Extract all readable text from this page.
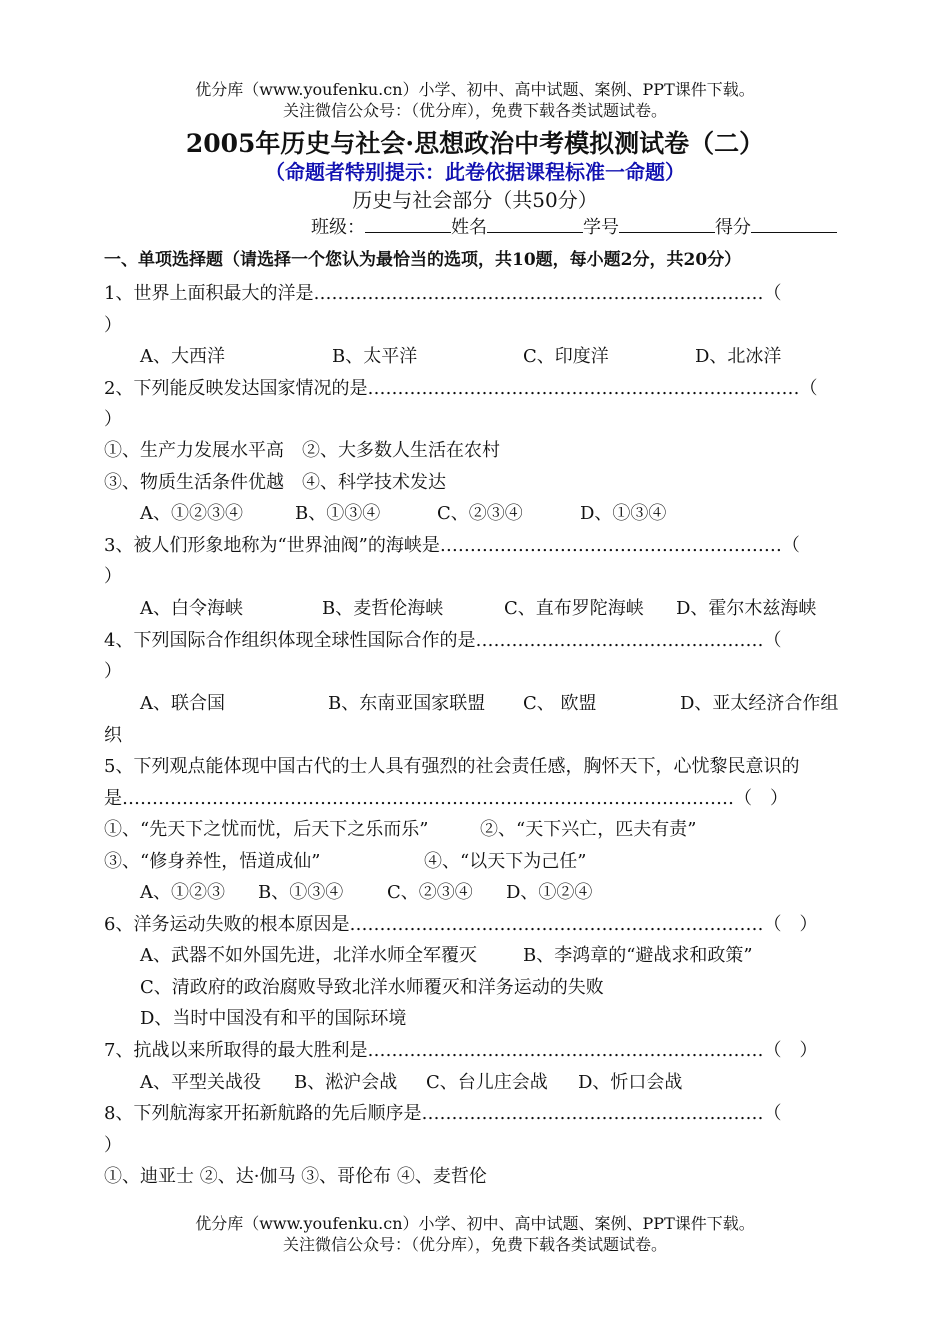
优分库（www.youfenku.cn）小学、初中、高中试题、案例、PPT课件下载。
关注微信公众号：（优分库），免费下载各类试题试卷。
2005年历史与社会·思想政治中考模拟测试卷（二）
（命题者特别提示：此卷依据课程标准一命题）
历史与社会部分（共50分）
班级：	姓名	学号	得分
一、单项选择题（请选择一个您认为最恰当的选项，共10题，每小题2分，共20分）
1、世界上面积最大的洋是…………………………………………………………………（
）
A、大西洋	B、太平洋	C、印度洋	D、北冰洋
2、下列能反映发达国家情况的是………………………………………………………………（
）
①、生产力发展水平高　②、大多数人生活在农村
③、物质生活条件优越　④、科学技术发达
A、①②③④	B、①③④	C、②③④	D、①③④
3、被人们形象地称为“世界油阀”的海峡是…………………………………………………（
）
A、白令海峡	B、麦哲伦海峡	C、直布罗陀海峡 D、霍尔木兹海峡
4、下列国际合作组织体现全球性国际合作的是…………………………………………（
）
A、联合国	B、东南亚国家联盟 C、 欧盟	D、亚太经济合作组
织
5、下列观点能体现中国古代的士人具有强烈的社会责任感，胸怀天下，心忧黎民意识的
是…………………………………………………………………………………………（　）
①、“先天下之忧而忧，后天下之乐而乐”	②、“天下兴亡，匹夫有责”
③、“修身养性，悟道成仙”	④、“以天下为己任”
A、①②③ B、①③④ C、②③④ D、①②④
6、洋务运动失败的根本原因是……………………………………………………………（　）
A、武器不如外国先进，北洋水师全军覆灭	B、李鸿章的“避战求和政策”
C、清政府的政治腐败导致北洋水师覆灭和洋务运动的失败
D、当时中国没有和平的国际环境
7、抗战以来所取得的最大胜利是…………………………………………………………（　）
A、平型关战役 B、淞沪会战 C、台儿庄会战 D、忻口会战
8、下列航海家开拓新航路的先后顺序是…………………………………………………（
）
①、迪亚士 ②、达·伽马 ③、哥伦布 ④、麦哲伦
优分库（www.youfenku.cn）小学、初中、高中试题、案例、PPT课件下载。
关注微信公众号：（优分库），免费下载各类试题试卷。
